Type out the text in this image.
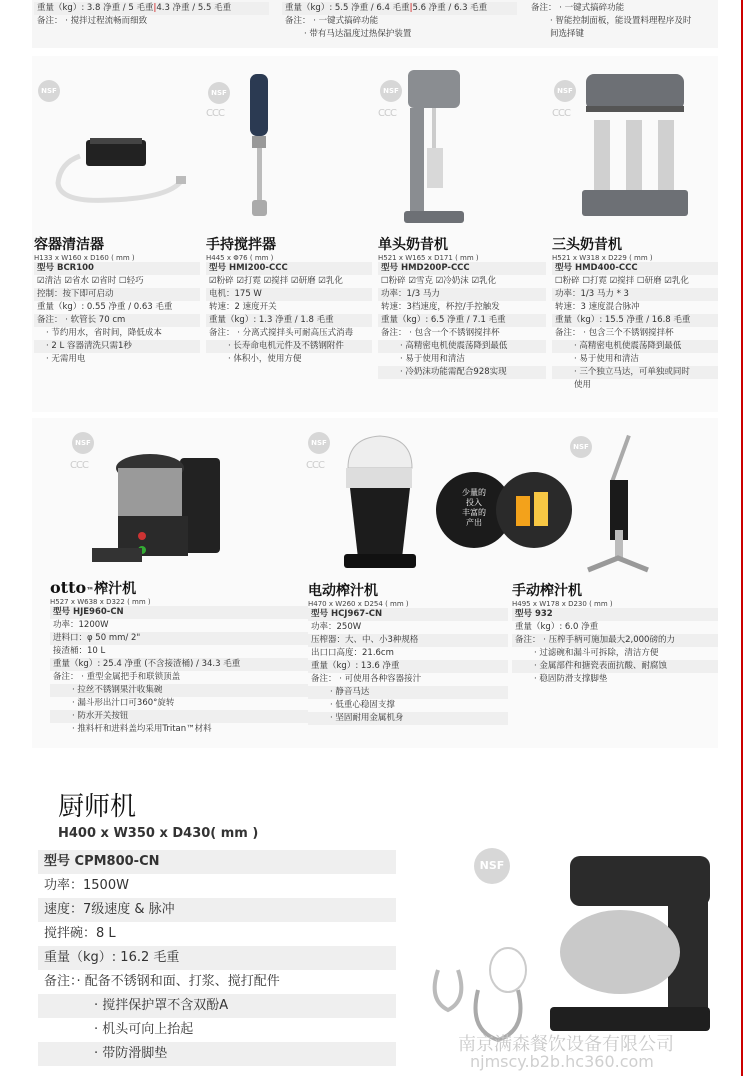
重量（kg）: 3.8 净重 / 5 毛重|4.3 净重 / 5.5 毛重
备注： · 搅拌过程流畅而细致
重量（kg）: 5.5 净重 / 6.4 毛重|5.6 净重 / 6.3 毛重
备注： · 一键式搞碎功能
· 带有马达温度过热保护装置
备注： · 一键式搞碎功能
· 智能控制面板，能设置料理程序及时
间选择键
NSF	NSF
CCC
NSF
CCC
NSF
CCC
容器清洁器
H133 x W160 x D160 ( mm )
型号 BCR100
☑清洁 ☑省水 ☑省时 ☐轻巧
控制：按下即可启动
重量（kg）: 0.55 净重 / 0.63 毛重
备注： · 软管长 70 cm
· 节约用水，省时间，降低成本
· 2 L 容器清洗只需1秒
· 无需用电
手持搅拌器
H445 x Φ76 ( mm )
型号 HMI200-CCC
☑粉碎 ☑打霓 ☑搅拌 ☑研磨 ☑乳化
电机：175 W
转速：2 速度开关
重量（kg）: 1.3 净重 / 1.8 毛重
备注： · 分离式搅拌头可耐高压式消毒
· 长寿命电机元件及不锈钢附件
· 体积小，使用方便
单头奶昔机
H521 x W165 x D171 ( mm )
型号 HMD200P-CCC
☐粉碎 ☑雪克 ☑冷奶沫 ☑乳化
功率：1/3 马力
转速：3档速度，杯控/手控触发
重量（kg）: 6.5 净重 / 7.1 毛重
备注： · 包含一个不锈钢搅拌杯
· 高精密电机使震荡降到最低
· 易于使用和清洁
· 冷奶沫功能需配合928实现
三头奶昔机
H521 x W318 x D229 ( mm )
型号 HMD400-CCC
☐粉碎 ☐打霓 ☑搅拌 ☐研磨 ☑乳化
功率：1/3 马力 * 3
转速：3 速度混合脉冲
重量（kg）: 15.5 净重 / 16.8 毛重
备注： · 包含三个不锈钢搅拌杯
· 高精密电机使震荡降到最低
· 易于使用和清洁
· 三个独立马达，可单独或同时
使用
NSF
CCC
NSF
CCC
NSF
少量的
投入
丰富的
产出
otto™榨汁机
H527 x W638 x D322 ( mm )
型号 HJE960-CN
功率：1200W
进料口：φ 50 mm/ 2"
接渣桶：10 L
重量（kg）: 25.4 净重 (不含接渣桶) / 34.3 毛重
备注： · 重型金属把手和联锁顶盖
· 拉丝不锈钢果汁收集碗
· 漏斗形出汁口可360°旋转
· 防水开关按钮
· 推料杆和进料盖均采用Tritan™材料
电动榨汁机
H470 x W260 x D254 ( mm )
型号 HCJ967-CN
功率：250W
压榨器：大、中、小3种规格
出口口高度：21.6cm
重量（kg）: 13.6 净重
备注： · 可使用各种容器接汁
· 静音马达
· 低重心稳固支撑
· 坚固耐用金属机身
手动榨汁机
H495 x W178 x D230 ( mm )
型号 932
重量（kg）: 6.0 净重
备注： · 压榨手柄可施加最大2,000磅的力
· 过滤碗和漏斗可拆除，清洁方便
· 金属部件和搪瓷表面抗酸、耐腐蚀
· 稳固防滑支撑脚垫
厨师机
H400 x W350 x D430( mm )
型号 CPM800-CN
功率：1500W
速度：7级速度 & 脉冲
搅拌碗：8 L
重量（kg）: 16.2 毛重
备注：· 配备不锈钢和面、打浆、搅打配件
· 搅拌保护罩不含双酚A
· 机头可向上抬起
· 带防滑脚垫
NSF
南京满森餐饮设备有限公司
njmscy.b2b.hc360.com
